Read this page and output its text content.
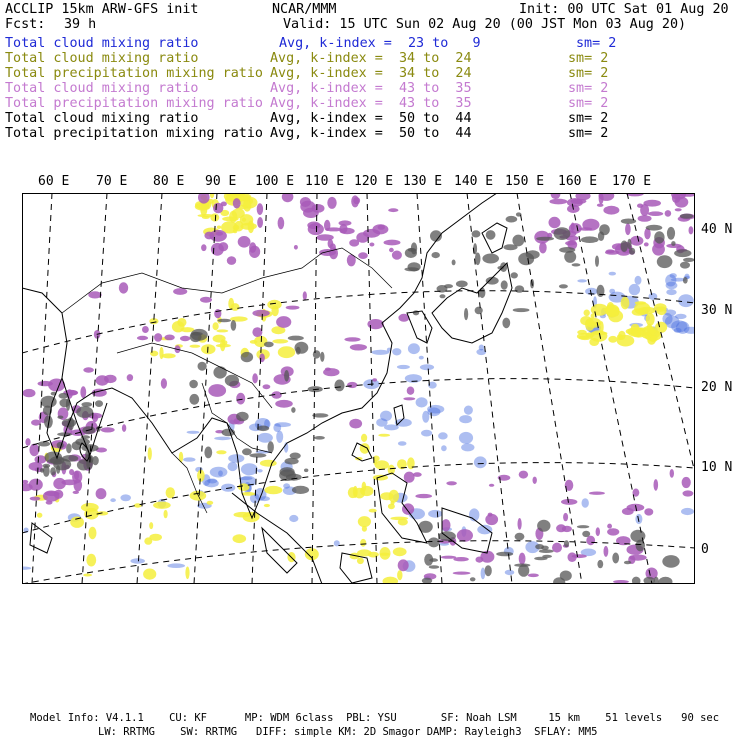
ACCLIP 15km ARW-GFS init	NCAR/MMM	Init: 00 UTC Sat 01 Aug 20
Fcst: 39 h	Valid: 15 UTC Sun 02 Aug 20 (00 JST Mon 03 Aug 20)
Total cloud mixing ratio	Avg, k-index =  23 to   9	sm= 2
Total cloud mixing ratio	Avg, k-index =  34 to  24	sm= 2
Total precipitation mixing ratio Avg, k-index =  34 to  24	sm= 2
Total cloud mixing ratio	Avg, k-index =  43 to  35	sm= 2
Total precipitation mixing ratio Avg, k-index =  43 to  35	sm= 2
Total cloud mixing ratio	Avg, k-index =  50 to  44	sm= 2
Total precipitation mixing ratio Avg, k-index =  50 to  44	sm= 2
60 E 70 E 80 E 90 E 100 E 110 E 120 E 130 E 140 E 150 E 160 E 170 E
40 N
30 N
20 N
10 N
0
Model Info: V4.1.1    CU: KF      MP: WDM 6class  PBL: YSU       SF: Noah LSM     15 km    51 levels   90 sec
LW: RRTMG    SW: RRTMG   DIFF: simple KM: 2D Smagor DAMP: Rayleigh3  SFLAY: MM5
